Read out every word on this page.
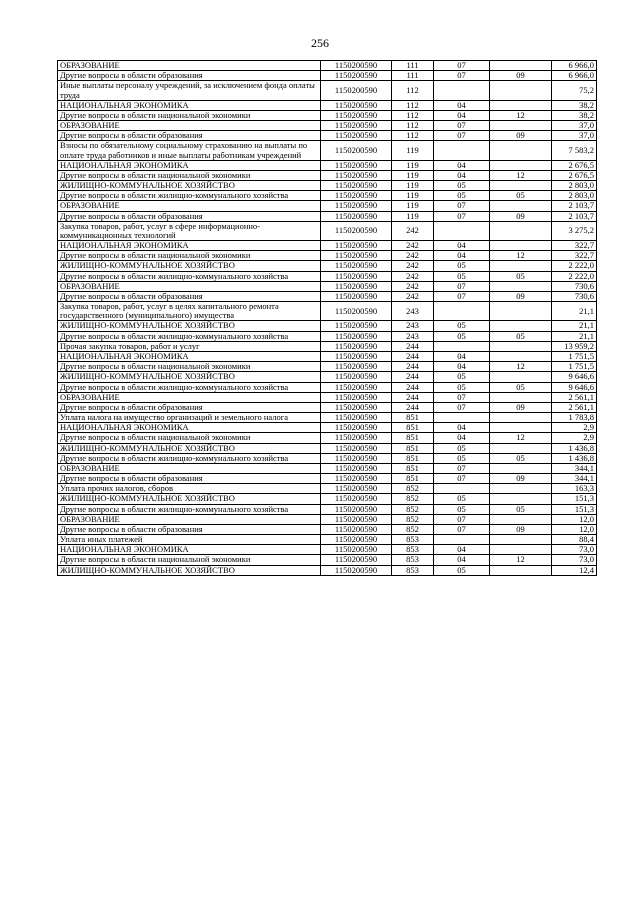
256
ОБРАЗОВАНИЕ	1150200590	111	07		6 966,0
Другие вопросы в области образования	1150200590	111	07	09	6 966,0
Иные выплаты персоналу учреждений, за исключением фонда оплаты труда	1150200590	112			75,2
НАЦИОНАЛЬНАЯ ЭКОНОМИКА	1150200590	112	04		38,2
Другие вопросы в области национальной экономики	1150200590	112	04	12	38,2
ОБРАЗОВАНИЕ	1150200590	112	07		37,0
Другие вопросы в области образования	1150200590	112	07	09	37,0
Взносы по обязательному социальному страхованию на выплаты по оплате труда работников и иные выплаты работникам учреждений	1150200590	119			7 583,2
НАЦИОНАЛЬНАЯ ЭКОНОМИКА	1150200590	119	04		2 676,5
Другие вопросы в области национальной экономики	1150200590	119	04	12	2 676,5
ЖИЛИЩНО-КОММУНАЛЬНОЕ ХОЗЯЙСТВО	1150200590	119	05		2 803,0
Другие вопросы в области жилищно-коммунального хозяйства	1150200590	119	05	05	2 803,0
ОБРАЗОВАНИЕ	1150200590	119	07		2 103,7
Другие вопросы в области образования	1150200590	119	07	09	2 103,7
Закупка товаров, работ, услуг в сфере информационно-коммуникационных технологий	1150200590	242			3 275,2
НАЦИОНАЛЬНАЯ ЭКОНОМИКА	1150200590	242	04		322,7
Другие вопросы в области национальной экономики	1150200590	242	04	12	322,7
ЖИЛИЩНО-КОММУНАЛЬНОЕ ХОЗЯЙСТВО	1150200590	242	05		2 222,0
Другие вопросы в области жилищно-коммунального хозяйства	1150200590	242	05	05	2 222,0
ОБРАЗОВАНИЕ	1150200590	242	07		730,6
Другие вопросы в области образования	1150200590	242	07	09	730,6
Закупка товаров, работ, услуг в целях капитального ремонта государственного (муниципального) имущества	1150200590	243			21,1
ЖИЛИЩНО-КОММУНАЛЬНОЕ ХОЗЯЙСТВО	1150200590	243	05		21,1
Другие вопросы в области жилищно-коммунального хозяйства	1150200590	243	05	05	21,1
Прочая закупка товаров, работ и услуг	1150200590	244			13 959,2
НАЦИОНАЛЬНАЯ ЭКОНОМИКА	1150200590	244	04		1 751,5
Другие вопросы в области национальной экономики	1150200590	244	04	12	1 751,5
ЖИЛИЩНО-КОММУНАЛЬНОЕ ХОЗЯЙСТВО	1150200590	244	05		9 646,6
Другие вопросы в области жилищно-коммунального хозяйства	1150200590	244	05	05	9 646,6
ОБРАЗОВАНИЕ	1150200590	244	07		2 561,1
Другие вопросы в области образования	1150200590	244	07	09	2 561,1
Уплата налога на имущество организаций и земельного налога	1150200590	851			1 783,8
НАЦИОНАЛЬНАЯ ЭКОНОМИКА	1150200590	851	04		2,9
Другие вопросы в области национальной экономики	1150200590	851	04	12	2,9
ЖИЛИЩНО-КОММУНАЛЬНОЕ ХОЗЯЙСТВО	1150200590	851	05		1 436,8
Другие вопросы в области жилищно-коммунального хозяйства	1150200590	851	05	05	1 436,8
ОБРАЗОВАНИЕ	1150200590	851	07		344,1
Другие вопросы в области образования	1150200590	851	07	09	344,1
Уплата прочих налогов, сборов	1150200590	852			163,3
ЖИЛИЩНО-КОММУНАЛЬНОЕ ХОЗЯЙСТВО	1150200590	852	05		151,3
Другие вопросы в области жилищно-коммунального хозяйства	1150200590	852	05	05	151,3
ОБРАЗОВАНИЕ	1150200590	852	07		12,0
Другие вопросы в области образования	1150200590	852	07	09	12,0
Уплата иных платежей	1150200590	853			88,4
НАЦИОНАЛЬНАЯ ЭКОНОМИКА	1150200590	853	04		73,0
Другие вопросы в области национальной экономики	1150200590	853	04	12	73,0
ЖИЛИЩНО-КОММУНАЛЬНОЕ ХОЗЯЙСТВО	1150200590	853	05		12,4
